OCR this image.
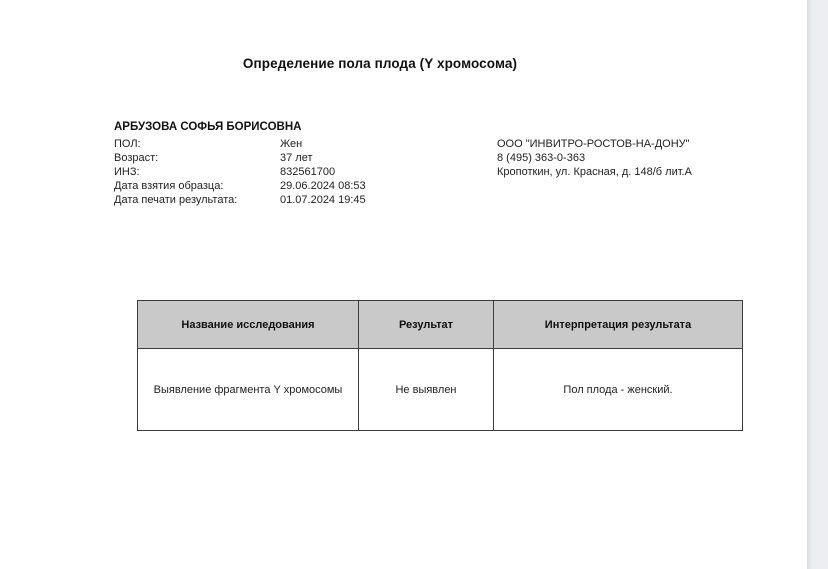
Определение пола плода (Y хромосома)
АРБУЗОВА СОФЬЯ БОРИСОВНА
ПОЛ:	Жен
Возраст:	37 лет
ИНЗ:	832561700
Дата взятия образца:	29.06.2024 08:53
Дата печати результата:	01.07.2024 19:45
ООО "ИНВИТРО-РОСТОВ-НА-ДОНУ"
8 (495) 363-0-363
Кропоткин, ул. Красная, д. 148/б лит.А
Название исследования	Результат	Интерпретация результата
Выявление фрагмента Y хромосомы	Не выявлен	Пол плода - женский.
